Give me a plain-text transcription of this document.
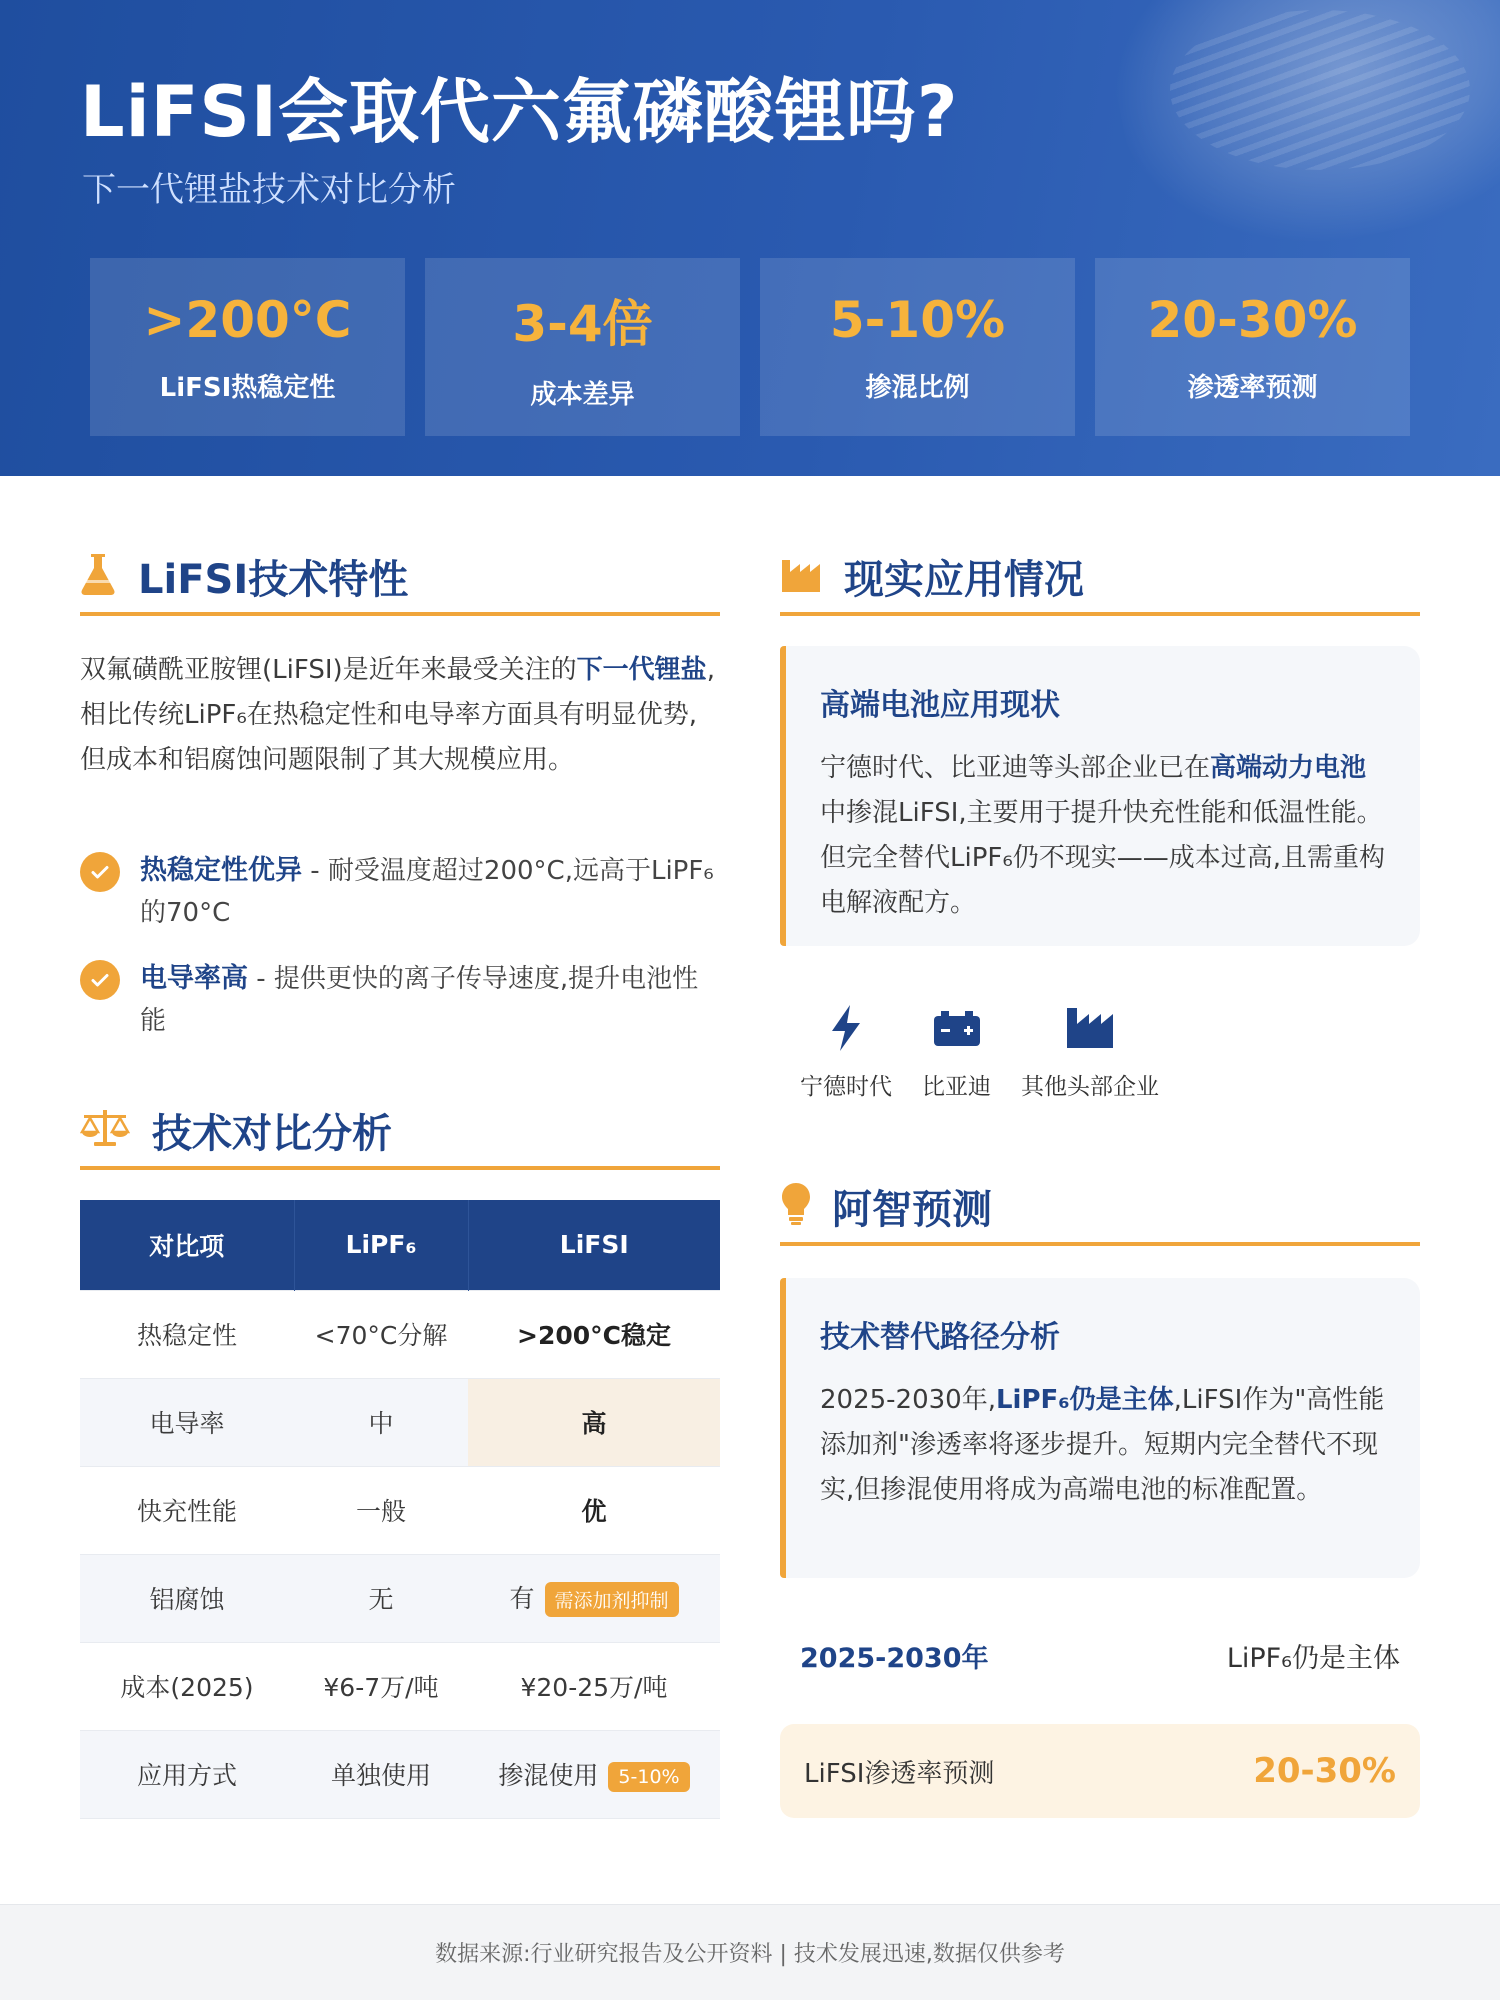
LiFSI会取代六氟磷酸锂吗?
下一代锂盐技术对比分析
>200°C
LiFSI热稳定性
3-4倍
成本差异
5-10%
掺混比例
20-30%
渗透率预测
LiFSI技术特性
双氟磺酰亚胺锂(LiFSI)是近年来最受关注的下一代锂盐,相比传统LiPF₆在热稳定性和电导率方面具有明显优势,但成本和铝腐蚀问题限制了其大规模应用。
热稳定性优异 - 耐受温度超过200°C,远高于LiPF₆的70°C
电导率高 - 提供更快的离子传导速度,提升电池性能
技术对比分析
对比项	LiPF₆	LiFSI
热稳定性	<70°C分解	>200°C稳定
电导率	中	高
快充性能	一般	优
铝腐蚀	无	有 需添加剂抑制
成本(2025)	¥6-7万/吨	¥20-25万/吨
应用方式	单独使用	掺混使用 5-10%
现实应用情况
高端电池应用现状
宁德时代、比亚迪等头部企业已在高端动力电池中掺混LiFSI,主要用于提升快充性能和低温性能。但完全替代LiPF₆仍不现实——成本过高,且需重构电解液配方。
宁德时代 比亚迪 其他头部企业
阿智预测
技术替代路径分析
2025-2030年,LiPF₆仍是主体,LiFSI作为"高性能添加剂"渗透率将逐步提升。短期内完全替代不现实,但掺混使用将成为高端电池的标准配置。
2025-2030年	LiPF₆仍是主体
LiFSI渗透率预测	20-30%
数据来源:行业研究报告及公开资料 | 技术发展迅速,数据仅供参考
